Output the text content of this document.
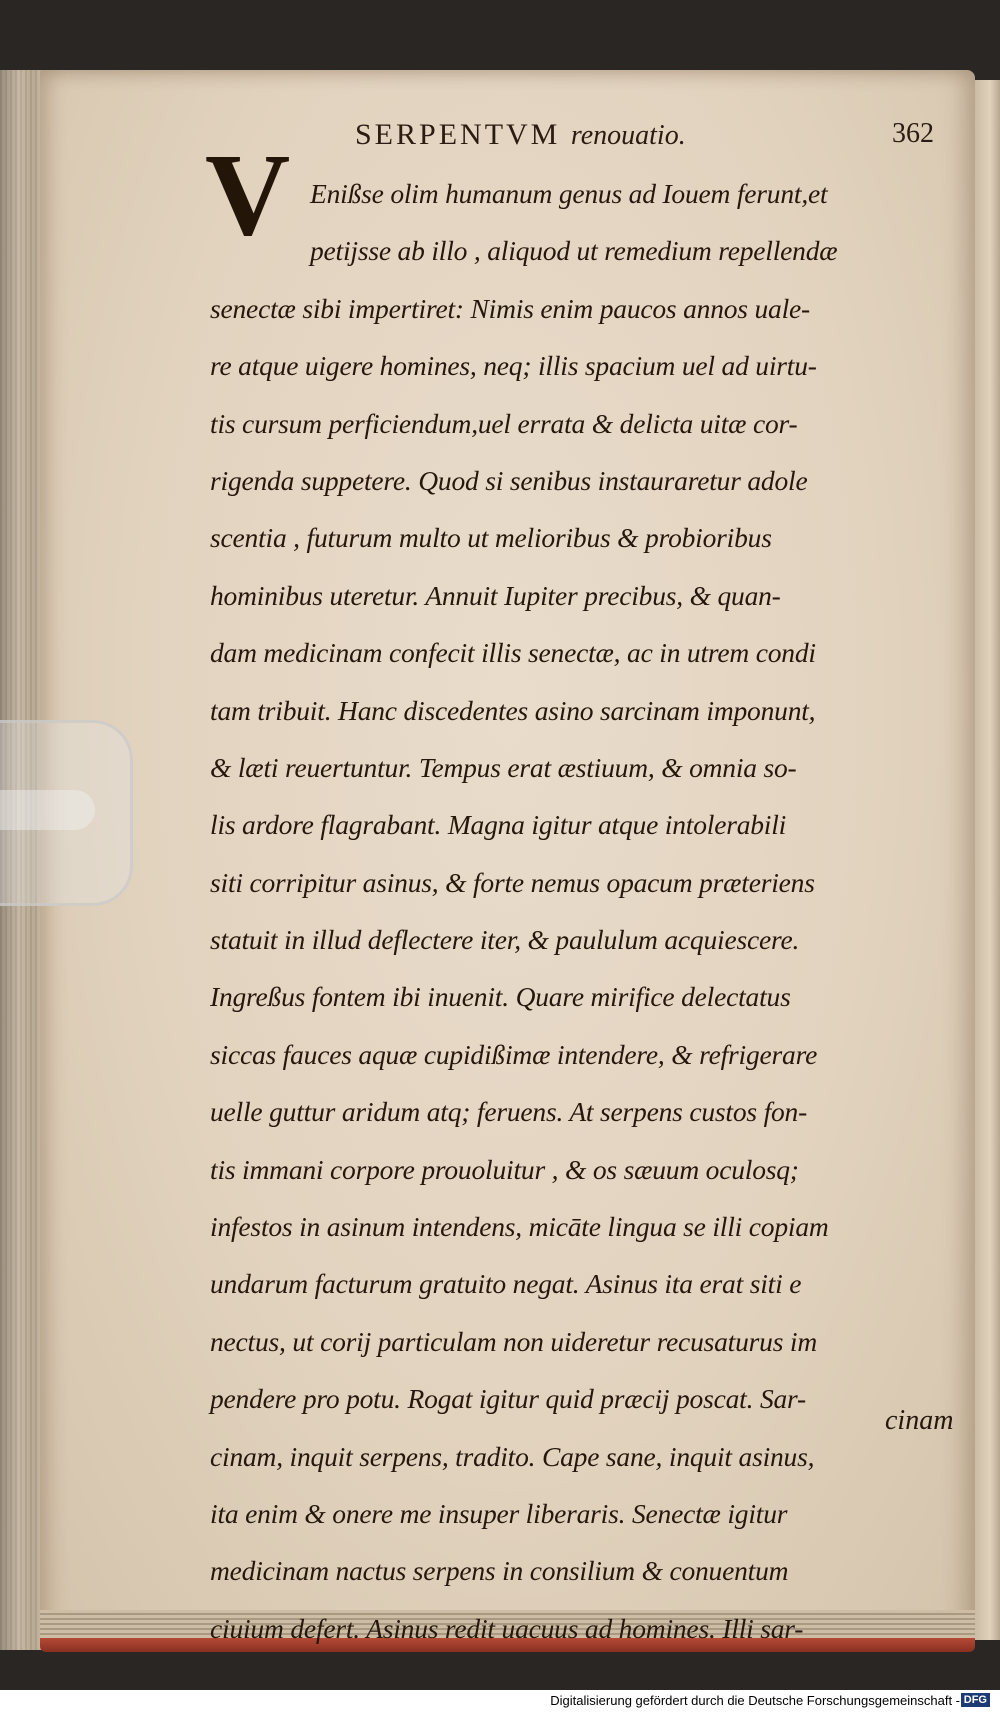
SERPENTVM renouatio.	362
V Enißse olim humanum genus ad Iouem ferunt,et
petijsse ab illo , aliquod ut remedium repellendæ
senectæ sibi impertiret: Nimis enim paucos annos uale-
re atque uigere homines, neq; illis spacium uel ad uirtu-
tis cursum perficiendum,uel errata & delicta uitæ cor-
rigenda suppetere. Quod si senibus instauraretur adole
scentia , futurum multo ut melioribus & probioribus
hominibus uteretur. Annuit Iupiter precibus, & quan-
dam medicinam confecit illis senectæ, ac in utrem condi
tam tribuit. Hanc discedentes asino sarcinam imponunt,
& læti reuertuntur. Tempus erat æstiuum, & omnia so-
lis ardore flagrabant. Magna igitur atque intolerabili
siti corripitur asinus, & forte nemus opacum præteriens
statuit in illud deflectere iter, & paululum acquiescere.
Ingreßus fontem ibi inuenit. Quare mirifice delectatus
siccas fauces aquæ cupidißimæ intendere, & refrigerare
uelle guttur aridum atq; feruens. At serpens custos fon-
tis immani corpore prouoluitur , & os sæuum oculosq;
infestos in asinum intendens, micāte lingua se illi copiam
undarum facturum gratuito negat. Asinus ita erat siti e
nectus, ut corij particulam non uideretur recusaturus im
pendere pro potu. Rogat igitur quid præcij poscat. Sar-
cinam, inquit serpens, tradito. Cape sane, inquit asinus,
ita enim & onere me insuper liberaris. Senectæ igitur
medicinam nactus serpens in consilium & conuentum
ciuium defert. Asinus redit uacuus ad homines. Illi sar-
cinam
Digitalisierung gefördert durch die Deutsche Forschungsgemeinschaft - DFG
